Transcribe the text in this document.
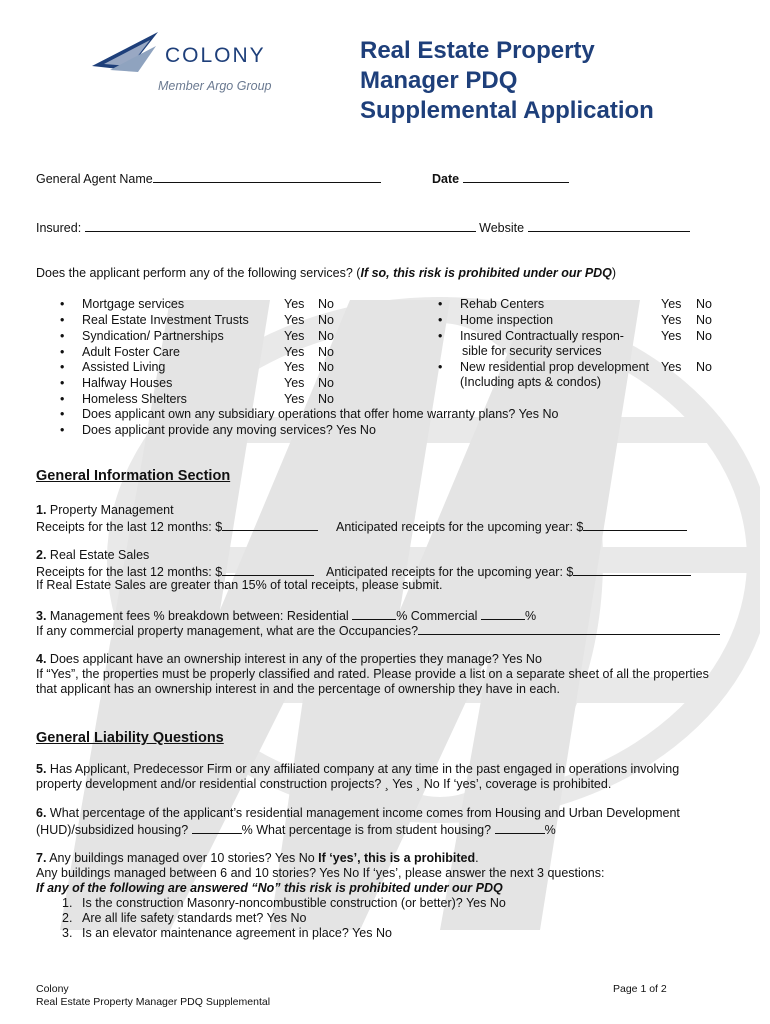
COLONY
Member Argo Group
Real Estate Property
Manager PDQ
Supplemental Application
General Agent Name	Date
Insured:	Website
Does the applicant perform any of the following services? (If so, this risk is prohibited under our PDQ)
• Mortgage services	Yes No
• Real Estate Investment Trusts	Yes No
• Syndication/ Partnerships	Yes No
• Adult Foster Care	Yes No
• Assisted Living	Yes No
• Halfway Houses	Yes No
• Homeless Shelters	Yes No
• Rehab Centers	Yes No
• Home inspection	Yes No
• Insured Contractually respon-	Yes No
sible for security services
• New residential prop development Yes No
(Including apts & condos)
• Does applicant own any subsidiary operations that offer home warranty plans? Yes No
• Does applicant provide any moving services? Yes No
General Information Section
1. Property Management
Receipts for the last 12 months: $	Anticipated receipts for the upcoming year: $
2. Real Estate Sales
Receipts for the last 12 months: $	Anticipated receipts for the upcoming year: $
If Real Estate Sales are greater than 15% of total receipts, please submit.
3. Management fees % breakdown between: Residential	% Commercial	%
If any commercial property management, what are the Occupancies?
4. Does applicant have an ownership interest in any of the properties they manage? Yes No
If “Yes”, the properties must be properly classified and rated. Please provide a list on a separate sheet of all the properties
that applicant has an ownership interest in and the percentage of ownership they have in each.
General Liability Questions
5. Has Applicant, Predecessor Firm or any affiliated company at any time in the past engaged in operations involving
property development and/or residential construction projects? ¸ Yes ¸ No If ‘yes’, coverage is prohibited.
6. What percentage of the applicant’s residential management income comes from Housing and Urban Development
(HUD)/subsidized housing?	% What percentage is from student housing?	%
7. Any buildings managed over 10 stories? Yes No If ‘yes’, this is a prohibited.
Any buildings managed between 6 and 10 stories? Yes No If ‘yes’, please answer the next 3 questions:
If any of the following are answered “No” this risk is prohibited under our PDQ
1. Is the construction Masonry-noncombustible construction (or better)? Yes No
2. Are all life safety standards met? Yes No
3. Is an elevator maintenance agreement in place? Yes No
Colony
Real Estate Property Manager PDQ Supplemental
Page 1 of 2
